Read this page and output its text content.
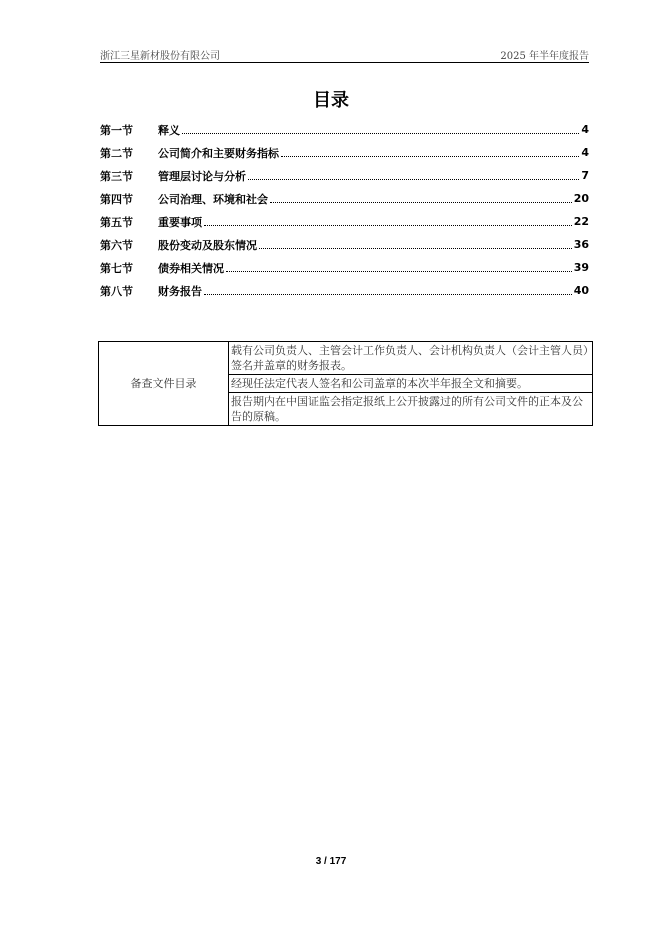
浙江三星新材股份有限公司	2025 年半年度报告
目录
第一节	释义	4
第二节	公司简介和主要财务指标	4
第三节	管理层讨论与分析	7
第四节	公司治理、环境和社会	20
第五节	重要事项	22
第六节	股份变动及股东情况	36
第七节	债券相关情况	39
第八节	财务报告	40
备查文件目录	载有公司负责人、主管会计工作负责人、会计机构负责人（会计主管人员）签名并盖章的财务报表。
经现任法定代表人签名和公司盖章的本次半年报全文和摘要。
报告期内在中国证监会指定报纸上公开披露过的所有公司文件的正本及公告的原稿。
3 / 177
